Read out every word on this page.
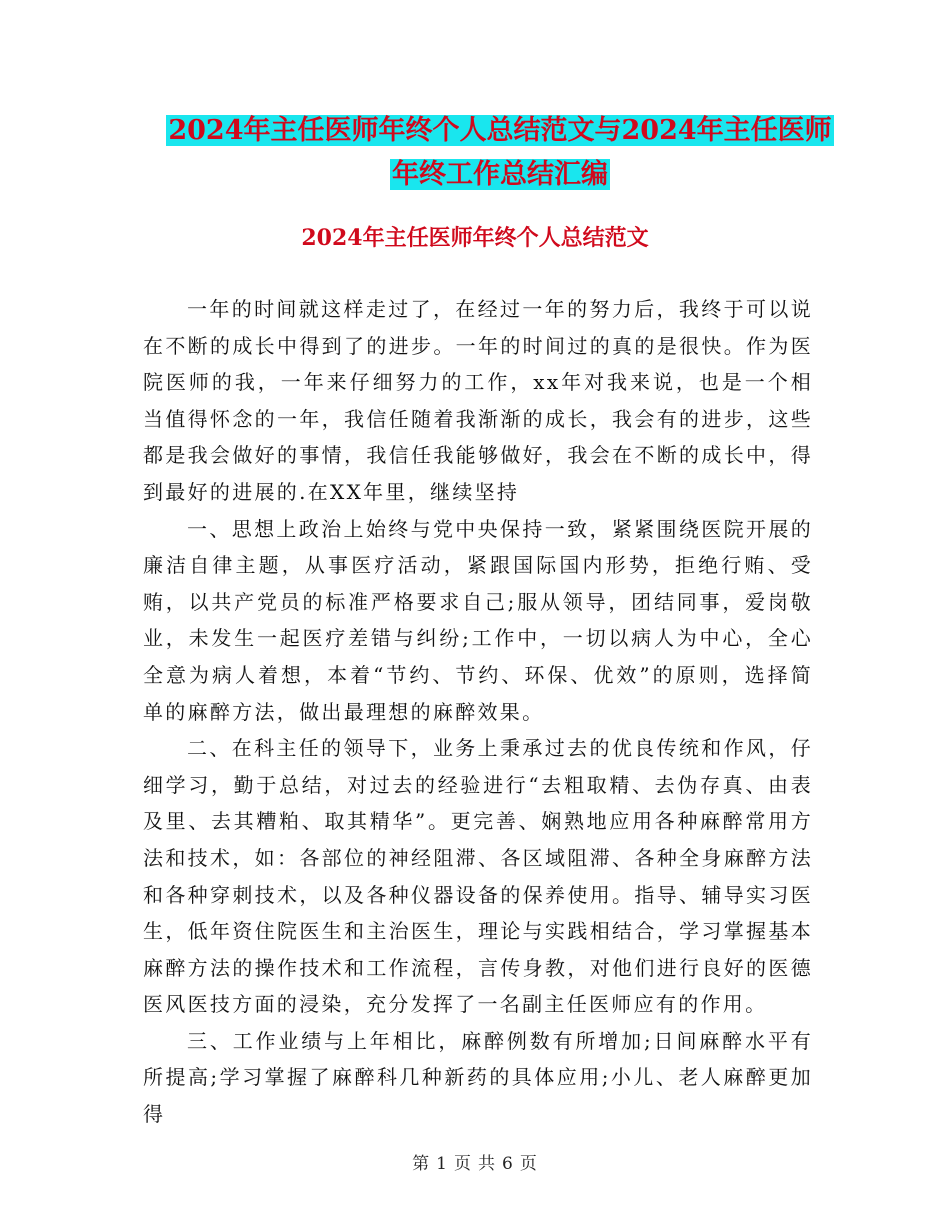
2024年主任医师年终个人总结范文与2024年主任医师
年终工作总结汇编
2024年主任医师年终个人总结范文

一年的时间就这样走过了，在经过一年的努力后，我终于可以说在不断的成长中得到了的进步。一年的时间过的真的是很快。作为医院医师的我，一年来仔细努力的工作，xx年对我来说，也是一个相当值得怀念的一年，我信任随着我渐渐的成长，我会有的进步，这些都是我会做好的事情，我信任我能够做好，我会在不断的成长中，得到最好的进展的.在XX年里，继续坚持

一、思想上政治上始终与党中央保持一致，紧紧围绕医院开展的廉洁自律主题，从事医疗活动，紧跟国际国内形势，拒绝行贿、受贿，以共产党员的标准严格要求自己;服从领导，团结同事，爱岗敬业，未发生一起医疗差错与纠纷;工作中，一切以病人为中心，全心全意为病人着想，本着“节约、节约、环保、优效”的原则，选择简单的麻醉方法，做出最理想的麻醉效果。

二、在科主任的领导下，业务上秉承过去的优良传统和作风，仔细学习，勤于总结，对过去的经验进行“去粗取精、去伪存真、由表及里、去其糟粕、取其精华”。更完善、娴熟地应用各种麻醉常用方法和技术，如：各部位的神经阻滞、各区域阻滞、各种全身麻醉方法和各种穿刺技术，以及各种仪器设备的保养使用。指导、辅导实习医生，低年资住院医生和主治医生，理论与实践相结合，学习掌握基本麻醉方法的操作技术和工作流程，言传身教，对他们进行良好的医德医风医技方面的浸染，充分发挥了一名副主任医师应有的作用。

三、工作业绩与上年相比，麻醉例数有所增加;日间麻醉水平有所提高;学习掌握了麻醉科几种新药的具体应用;小儿、老人麻醉更加得

第 1 页 共 6 页
